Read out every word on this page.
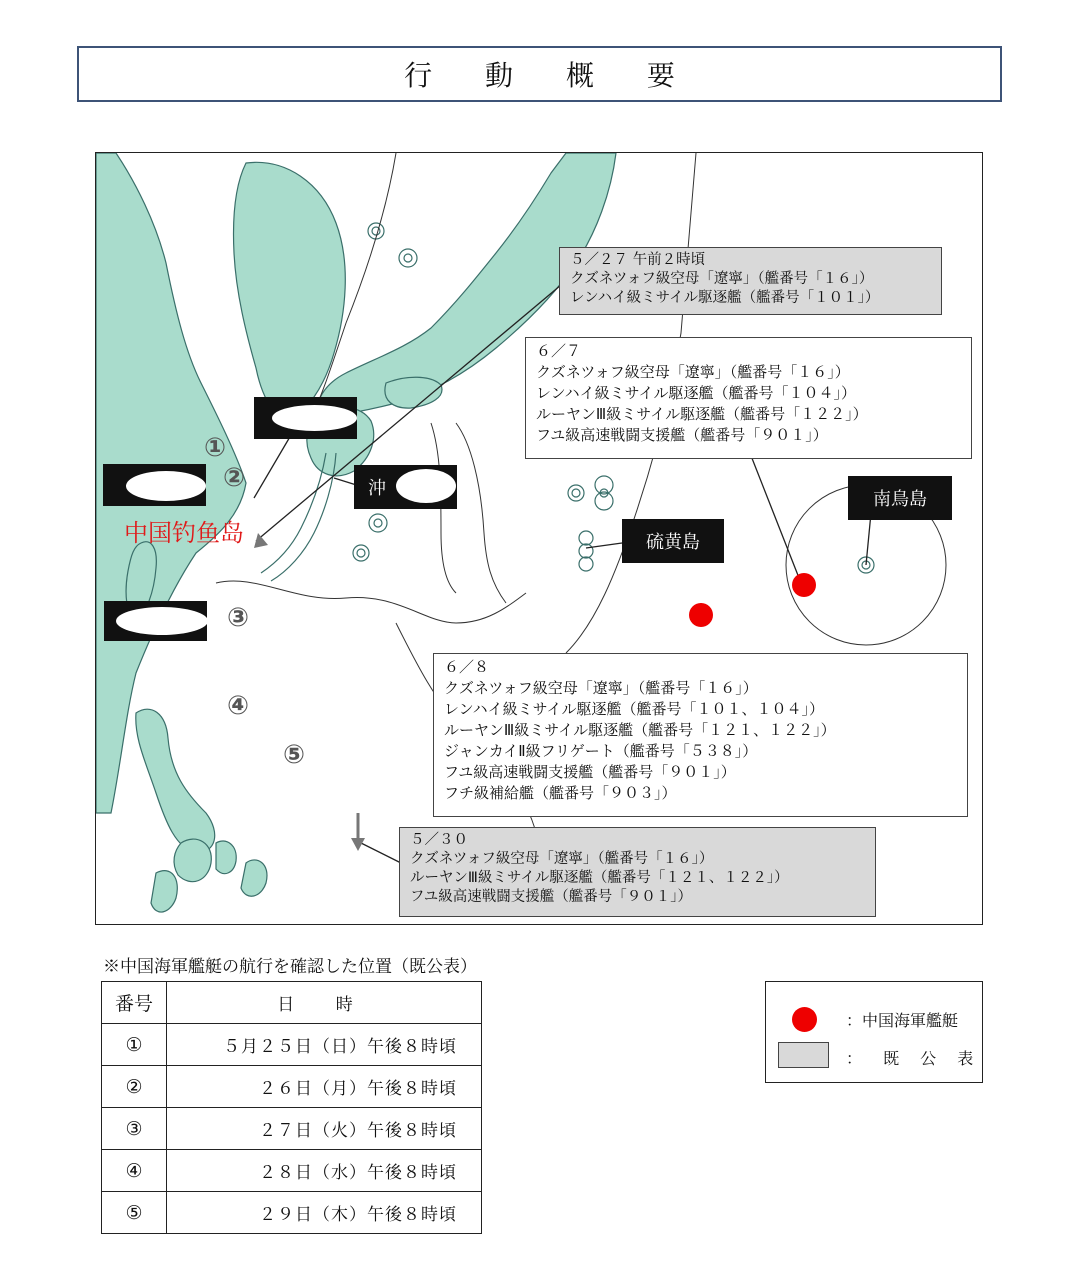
行 動 概 要
５／２７ 午前２時頃
クズネツォフ級空母「遼寧」（艦番号「１６」）
レンハイ級ミサイル駆逐艦（艦番号「１０１」）
６／７
クズネツォフ級空母「遼寧」（艦番号「１６」）
レンハイ級ミサイル駆逐艦（艦番号「１０４」）
ルーヤンⅢ級ミサイル駆逐艦（艦番号「１２２」）
フユ級高速戦闘支援艦（艦番号「９０１」）
６／８
クズネツォフ級空母「遼寧」（艦番号「１６」）
レンハイ級ミサイル駆逐艦（艦番号「１０１、１０４」）
ルーヤンⅢ級ミサイル駆逐艦（艦番号「１２１、１２２」）
ジャンカイⅡ級フリゲート（艦番号「５３８」）
フユ級高速戦闘支援艦（艦番号「９０１」）
フチ級補給艦（艦番号「９０３」）
５／３０
クズネツォフ級空母「遼寧」（艦番号「１６」）
ルーヤンⅢ級ミサイル駆逐艦（艦番号「１２１、１２２」）
フユ級高速戦闘支援艦（艦番号「９０１」）
南鳥島
硫黄島
沖
①
②
③
④
⑤
中国钓鱼岛
※中国海軍艦艇の航行を確認した位置（既公表）
番号	日 時
①	５月２５日（日）午後８時頃
②	２６日（月）午後８時頃
③	２７日（火）午後８時頃
④	２８日（水）午後８時頃
⑤	２９日（木）午後８時頃
：中国海軍艦艇
： 既 公 表
